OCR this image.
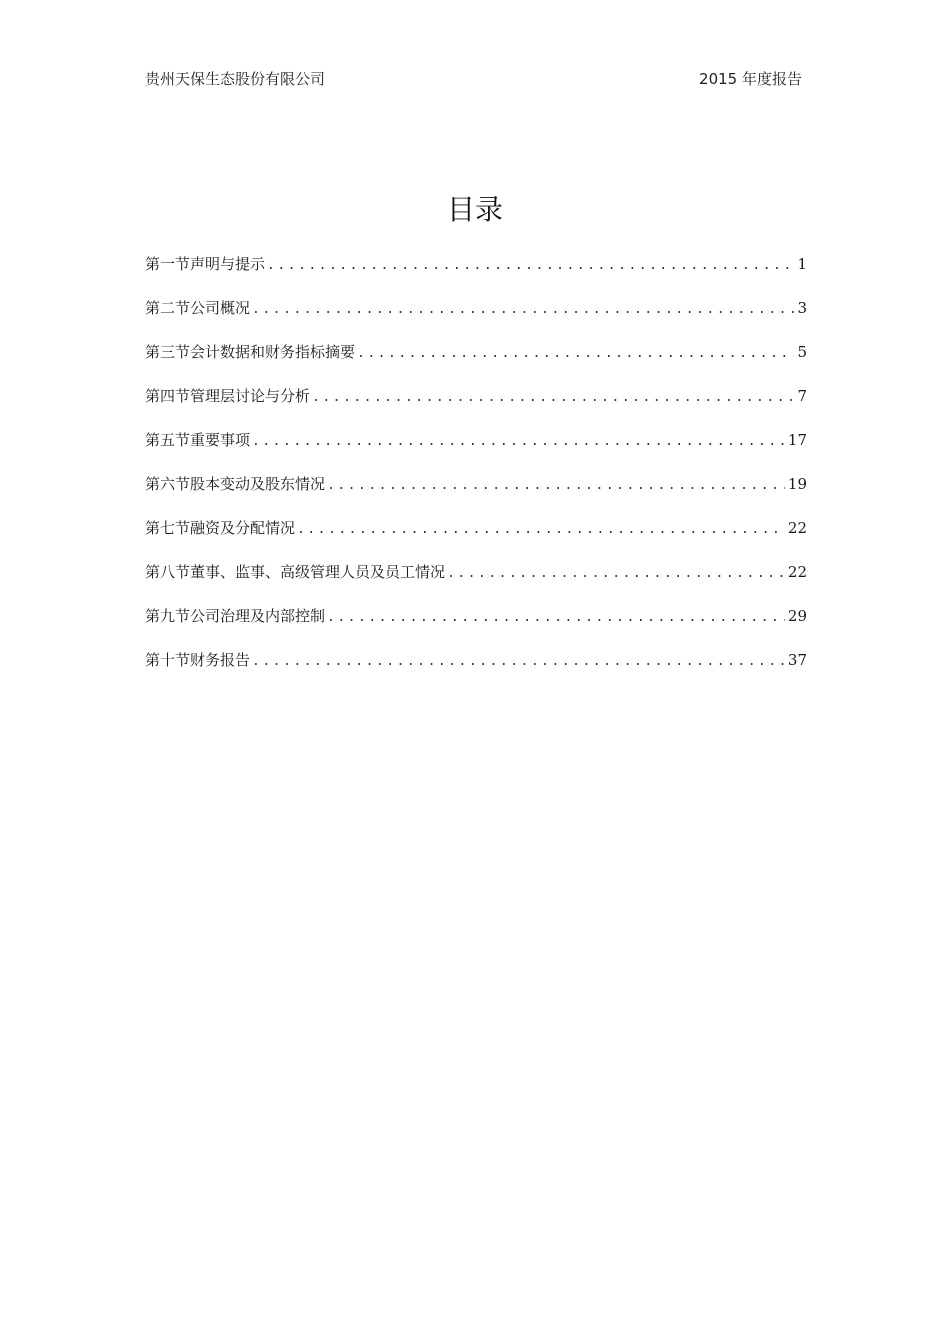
贵州天保生态股份有限公司	2015 年度报告
目录
第一节声明与提示 .....	1
第二节公司概况 .....	3
第三节会计数据和财务指标摘要 .....	5
第四节管理层讨论与分析 .....	7
第五节重要事项 .....	17
第六节股本变动及股东情况 .....	19
第七节融资及分配情况 .....	22
第八节董事、监事、高级管理人员及员工情况 .....	22
第九节公司治理及内部控制 .....	29
第十节财务报告 .....	37
